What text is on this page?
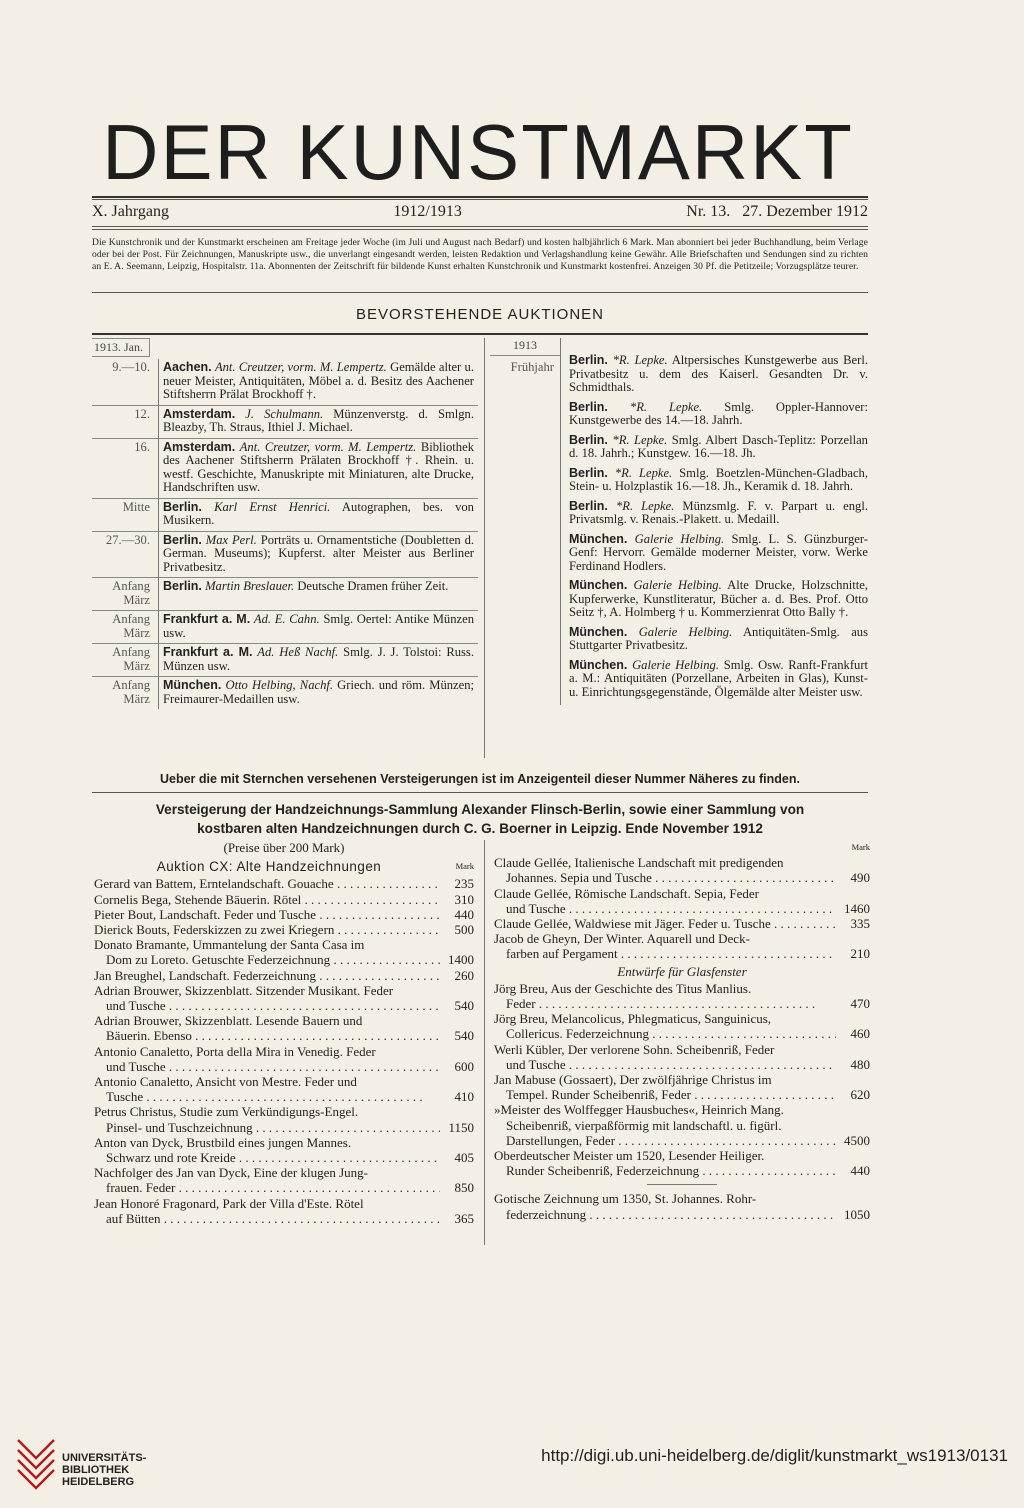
DER KUNSTMARKT
X. Jahrgang	1912/1913	Nr. 13.   27. Dezember 1912
Die Kunstchronik und der Kunstmarkt erscheinen am Freitage jeder Woche (im Juli und August nach Bedarf) und kosten halbjährlich 6 Mark. Man abonniert bei jeder Buchhandlung, beim Verlage oder bei der Post. Für Zeichnungen, Manuskripte usw., die unverlangt eingesandt werden, leisten Redaktion und Verlagshandlung keine Gewähr. Alle Briefschaften und Sendungen sind zu richten an E. A. Seemann, Leipzig, Hospitalstr. 11a. Abonnenten der Zeitschrift für bildende Kunst erhalten Kunstchronik und Kunstmarkt kostenfrei. Anzeigen 30 Pf. die Petitzeile; Vorzugsplätze teurer.
BEVORSTEHENDE AUKTIONEN
1913. Jan.
9.—10.	Aachen. Ant. Creutzer, vorm. M. Lempertz. Gemälde alter u. neuer Meister, Antiquitäten, Möbel a. d. Besitz des Aachener Stiftsherrn Prälat Brockhoff †.
12.	Amsterdam. J. Schulmann. Münzenverstg. d. Smlgn. Bleazby, Th. Straus, Ithiel J. Michael.
16.	Amsterdam. Ant. Creutzer, vorm. M. Lempertz. Bibliothek des Aachener Stiftsherrn Prälaten Brockhoff †. Rhein. u. westf. Geschichte, Manuskripte mit Miniaturen, alte Drucke, Handschriften usw.
Mitte	Berlin. Karl Ernst Henrici. Autographen, bes. von Musikern.
27.—30.	Berlin. Max Perl. Porträts u. Ornamentstiche (Doubletten d. German. Museums); Kupferst. alter Meister aus Berliner Privatbesitz.
Anfang März	Berlin. Martin Breslauer. Deutsche Dramen früher Zeit.
Anfang März	Frankfurt a. M. Ad. E. Cahn. Smlg. Oertel: Antike Münzen usw.
Anfang März	Frankfurt a. M. Ad. Heß Nachf. Smlg. J. J. Tolstoi: Russ. Münzen usw.
Anfang März	München. Otto Helbing, Nachf. Griech. und röm. Münzen; Freimaurer-Medaillen usw.
1913
Frühjahr	Berlin. *R. Lepke. Altpersisches Kunstgewerbe aus Berl. Privatbesitz u. dem des Kaiserl. Gesandten Dr. v. Schmidthals.
Berlin. *R. Lepke. Smlg. Oppler-Hannover: Kunstgewerbe des 14.—18. Jahrh.
Berlin. *R. Lepke. Smlg. Albert Dasch-Teplitz: Porzellan d. 18. Jahrh.; Kunstgew. 16.—18. Jh.
Berlin. *R. Lepke. Smlg. Boetzlen-München-Gladbach, Stein- u. Holzplastik 16.—18. Jh., Keramik d. 18. Jahrh.
Berlin. *R. Lepke. Münzsmlg. F. v. Parpart u. engl. Privatsmlg. v. Renais.-Plakett. u. Medaill.
München. Galerie Helbing. Smlg. L. S. Günzburger-Genf: Hervorr. Gemälde moderner Meister, vorw. Werke Ferdinand Hodlers.
München. Galerie Helbing. Alte Drucke, Holzschnitte, Kupferwerke, Kunstliteratur, Bücher a. d. Bes. Prof. Otto Seitz †, A. Holmberg † u. Kommerzienrat Otto Bally †.
München. Galerie Helbing. Antiquitäten-Smlg. aus Stuttgarter Privatbesitz.
München. Galerie Helbing. Smlg. Osw. Ranft-Frankfurt a. M.: Antiquitäten (Porzellane, Arbeiten in Glas), Kunst- u. Einrichtungsgegenstände, Ölgemälde alter Meister usw.
Ueber die mit Sternchen versehenen Versteigerungen ist im Anzeigenteil dieser Nummer Näheres zu finden.
Versteigerung der Handzeichnungs-Sammlung Alexander Flinsch-Berlin, sowie einer Sammlung von
kostbaren alten Handzeichnungen durch C. G. Boerner in Leipzig. Ende November 1912
(Preise über 200 Mark)
Auktion CX: Alte Handzeichnungen	Mark
Gerard van Battem, Erntelandschaft. Gouache . . .	235
Cornelis Bega, Stehende Bäuerin. Rötel . . .	310
Pieter Bout, Landschaft. Feder und Tusche . . .	440
Dierick Bouts, Federskizzen zu zwei Kriegern . . .	500
Donato Bramante, Ummantelung der Santa Casa im
Dom zu Loreto. Getuschte Federzeichnung . . .	1400
Jan Breughel, Landschaft. Federzeichnung . . .	260
Adrian Brouwer, Skizzenblatt. Sitzender Musikant. Feder
und Tusche . . .	540
Adrian Brouwer, Skizzenblatt. Lesende Bauern und
Bäuerin. Ebenso . . .	540
Antonio Canaletto, Porta della Mira in Venedig. Feder
und Tusche . . .	600
Antonio Canaletto, Ansicht von Mestre. Feder und
Tusche . . .	410
Petrus Christus, Studie zum Verkündigungs-Engel.
Pinsel- und Tuschzeichnung . . .	1150
Anton van Dyck, Brustbild eines jungen Mannes.
Schwarz und rote Kreide . . .	405
Nachfolger des Jan van Dyck, Eine der klugen Jung-
frauen. Feder . . .	850
Jean Honoré Fragonard, Park der Villa d'Este. Rötel
auf Bütten . . .	365
Mark
Claude Gellée, Italienische Landschaft mit predigenden
Johannes. Sepia und Tusche . . .	490
Claude Gellée, Römische Landschaft. Sepia, Feder
und Tusche . . .	1460
Claude Gellée, Waldwiese mit Jäger. Feder u. Tusche . . .	335
Jacob de Gheyn, Der Winter. Aquarell und Deck-
farben auf Pergament . . .	210
Entwürfe für Glasfenster
Jörg Breu, Aus der Geschichte des Titus Manlius.
Feder . . .	470
Jörg Breu, Melancolicus, Phlegmaticus, Sanguinicus,
Collericus. Federzeichnung . . .	460
Werli Kübler, Der verlorene Sohn. Scheibenriß, Feder
und Tusche . . .	480
Jan Mabuse (Gossaert), Der zwölfjährige Christus im
Tempel. Runder Scheibenriß, Feder . . .	620
»Meister des Wolffegger Hausbuches«, Heinrich Mang.
Scheibenriß, vierpaßförmig mit landschaftl. u. figürl.
Darstellungen, Feder . . .	4500
Oberdeutscher Meister um 1520, Lesender Heiliger.
Runder Scheibenriß, Federzeichnung . . .	440
Gotische Zeichnung um 1350, St. Johannes. Rohr-
federzeichnung . . .	1050
UNIVERSITÄTS-
BIBLIOTHEK
HEIDELBERG
http://digi.ub.uni-heidelberg.de/diglit/kunstmarkt_ws1913/0131
